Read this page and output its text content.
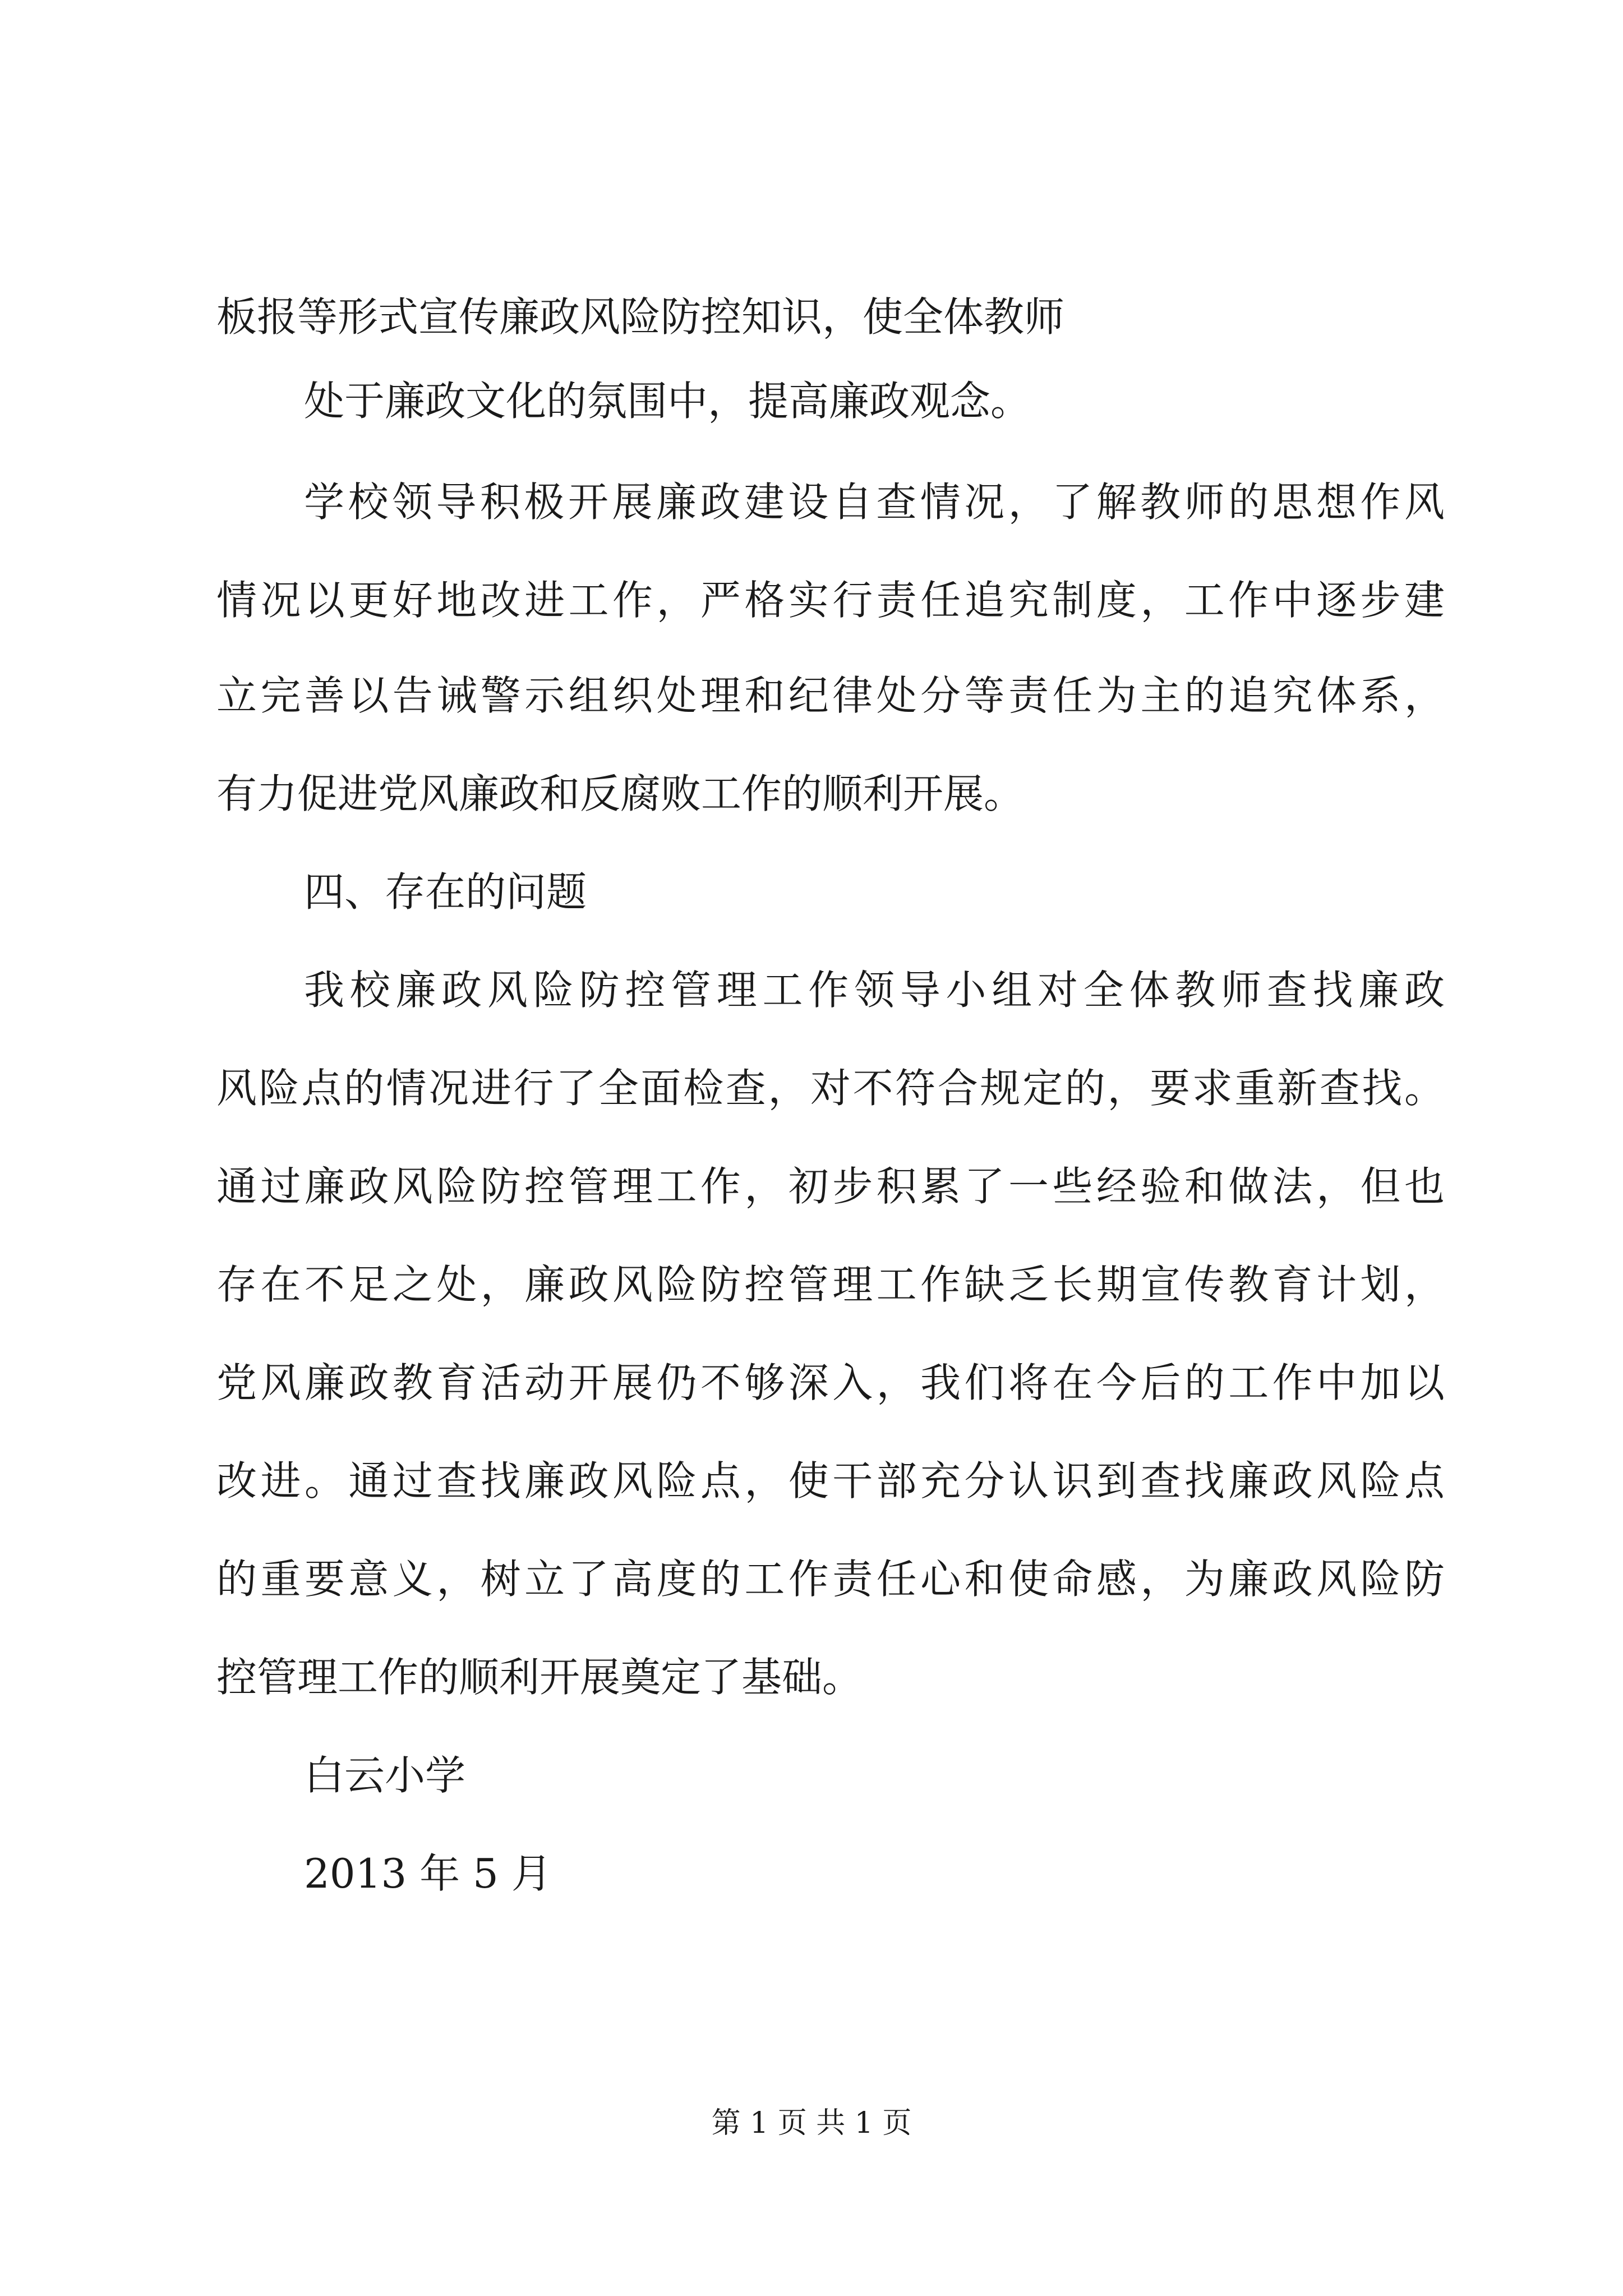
板报等形式宣传廉政风险防控知识，使全体教师
处于廉政文化的氛围中，提高廉政观念。
学校领导积极开展廉政建设自查情况，了解教师的思想作风
情况以更好地改进工作，严格实行责任追究制度，工作中逐步建
立完善以告诫警示组织处理和纪律处分等责任为主的追究体系，
有力促进党风廉政和反腐败工作的顺利开展。
四、存在的问题
我校廉政风险防控管理工作领导小组对全体教师查找廉政
风险点的情况进行了全面检查，对不符合规定的，要求重新查找。
通过廉政风险防控管理工作，初步积累了一些经验和做法，但也
存在不足之处，廉政风险防控管理工作缺乏长期宣传教育计划，
党风廉政教育活动开展仍不够深入，我们将在今后的工作中加以
改进。通过查找廉政风险点，使干部充分认识到查找廉政风险点
的重要意义，树立了高度的工作责任心和使命感，为廉政风险防
控管理工作的顺利开展奠定了基础。
白云小学
2013 年 5 月
第 1 页 共 1 页
